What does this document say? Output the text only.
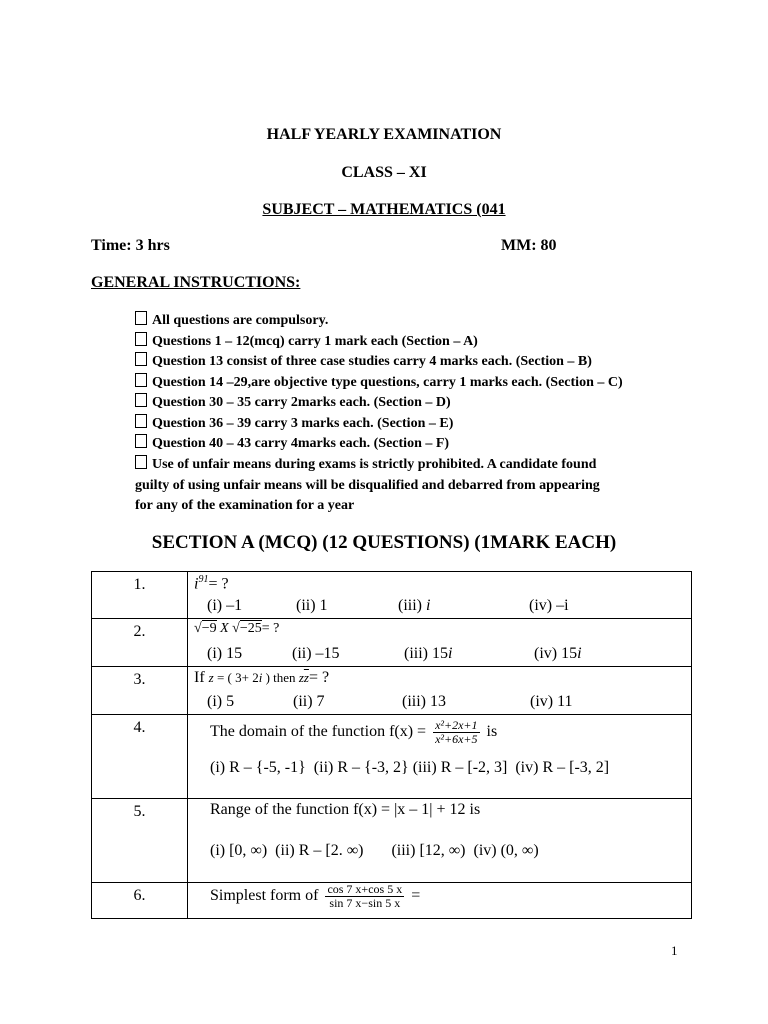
HALF YEARLY EXAMINATION
CLASS – XI
SUBJECT – MATHEMATICS (041
Time: 3 hrs	MM: 80
GENERAL INSTRUCTIONS:
All questions are compulsory.
Questions 1 – 12(mcq) carry 1 mark each (Section – A)
Question 13 consist of three case studies carry 4 marks each. (Section – B)
Question 14 –29,are objective type questions, carry 1 marks each. (Section – C)
Question 30 – 35 carry 2marks each. (Section – D)
Question 36 – 39 carry 3 marks each. (Section – E)
Question 40 – 43 carry 4marks each. (Section – F)
Use of unfair means during exams is strictly prohibited. A candidate found
guilty of using unfair means will be disqualified and debarred from appearing
for any of the examination for a year
SECTION A (MCQ) (12 QUESTIONS) (1MARK EACH)
1.	$i^{91}=$ ?
(i) –1 (ii) 1 (iii) i (iv) –i

2.	√−9 X √−25= ?
(i) 15 (ii) –15 (iii) 15i (iv) 15i

3.	If z = ( 3+ 2i ) then $z\overline{z}=$ ?
(i) 5 (ii) 7 (iii) 13 (iv) 11

4.	The domain of the function $f(x) = \frac{\text{x²+2x+1}}{\text{x²+6x+5}}$ is
(i) R – {-5, -1}  (ii) R – {-3, 2} (iii) R – [-2, 3]  (iv) R – [-3, 2]

5.	Range of the function f(x) = |x – 1| + 12 is
(i) [0, ∞)  (ii) R – [2. ∞)       (iii) [12, ∞)  (iv) (0, ∞)

6.	Simplest form of $\frac{\cos 7 x+\cos 5 x}{\sin 7 x-\sin 5 x}$ =
1
